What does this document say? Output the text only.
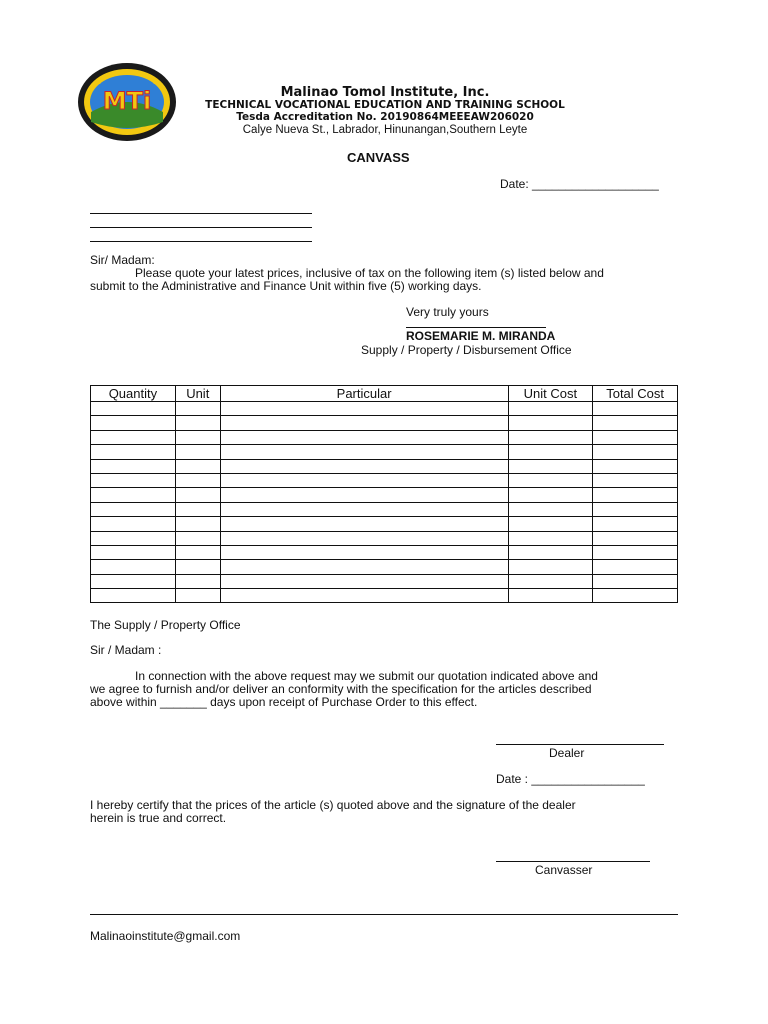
MTi	Malinao Tomol Institute, Inc.
TECHNICAL VOCATIONAL EDUCATION AND TRAINING SCHOOL
Tesda Accreditation No. 20190864MEEEAW206020
Calye Nueva St., Labrador, Hinunangan,Southern Leyte
CANVASS
Date: ___________________
Sir/ Madam:
Please quote your latest prices, inclusive of tax on the following item (s) listed below and
submit to the Administrative and Finance Unit within five (5) working days.
Very truly yours
ROSEMARIE M. MIRANDA
Supply / Property / Disbursement Office
Quantity	Unit	Particular	Unit Cost	Total Cost

The Supply / Property Office
Sir / Madam :
In connection with the above request may we submit our quotation indicated above and
we agree to furnish and/or deliver an conformity with the specification for the articles described
above within _______ days upon receipt of Purchase Order to this effect.
Dealer
Date : _________________
I hereby certify that the prices of the article (s) quoted above and the signature of the dealer
herein is true and correct.
Canvasser
Malinaoinstitute@gmail.com
